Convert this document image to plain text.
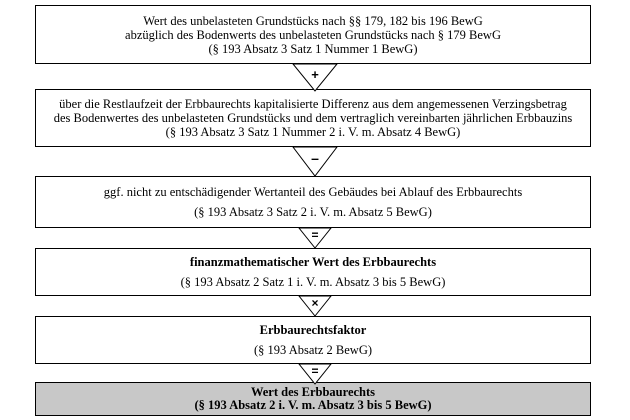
Wert des unbelasteten Grundstücks nach §§ 179, 182 bis 196 BewG
abzüglich des Bodenwerts des unbelasteten Grundstücks nach § 179 BewG
(§ 193 Absatz 3 Satz 1 Nummer 1 BewG)
über die Restlaufzeit der Erbbaurechts kapitalisierte Differenz aus dem angemessenen Verzingsbetrag
des Bodenwertes des unbelasteten Grundstücks und dem vertraglich vereinbarten jährlichen Erbbauzins
(§ 193 Absatz 3 Satz 1 Nummer 2 i. V. m. Absatz 4 BewG)
ggf. nicht zu entschädigender Wertanteil des Gebäudes bei Ablauf des Erbbaurechts
(§ 193 Absatz 3 Satz 2 i. V. m. Absatz 5 BewG)
finanzmathematischer Wert des Erbbaurechts
(§ 193 Absatz 2 Satz 1 i. V. m. Absatz 3 bis 5 BewG)
Erbbaurechtsfaktor
(§ 193 Absatz 2 BewG)
Wert des Erbbaurechts
(§ 193 Absatz 2 i. V. m. Absatz 3 bis 5 BewG)
+
–
=
×
=
